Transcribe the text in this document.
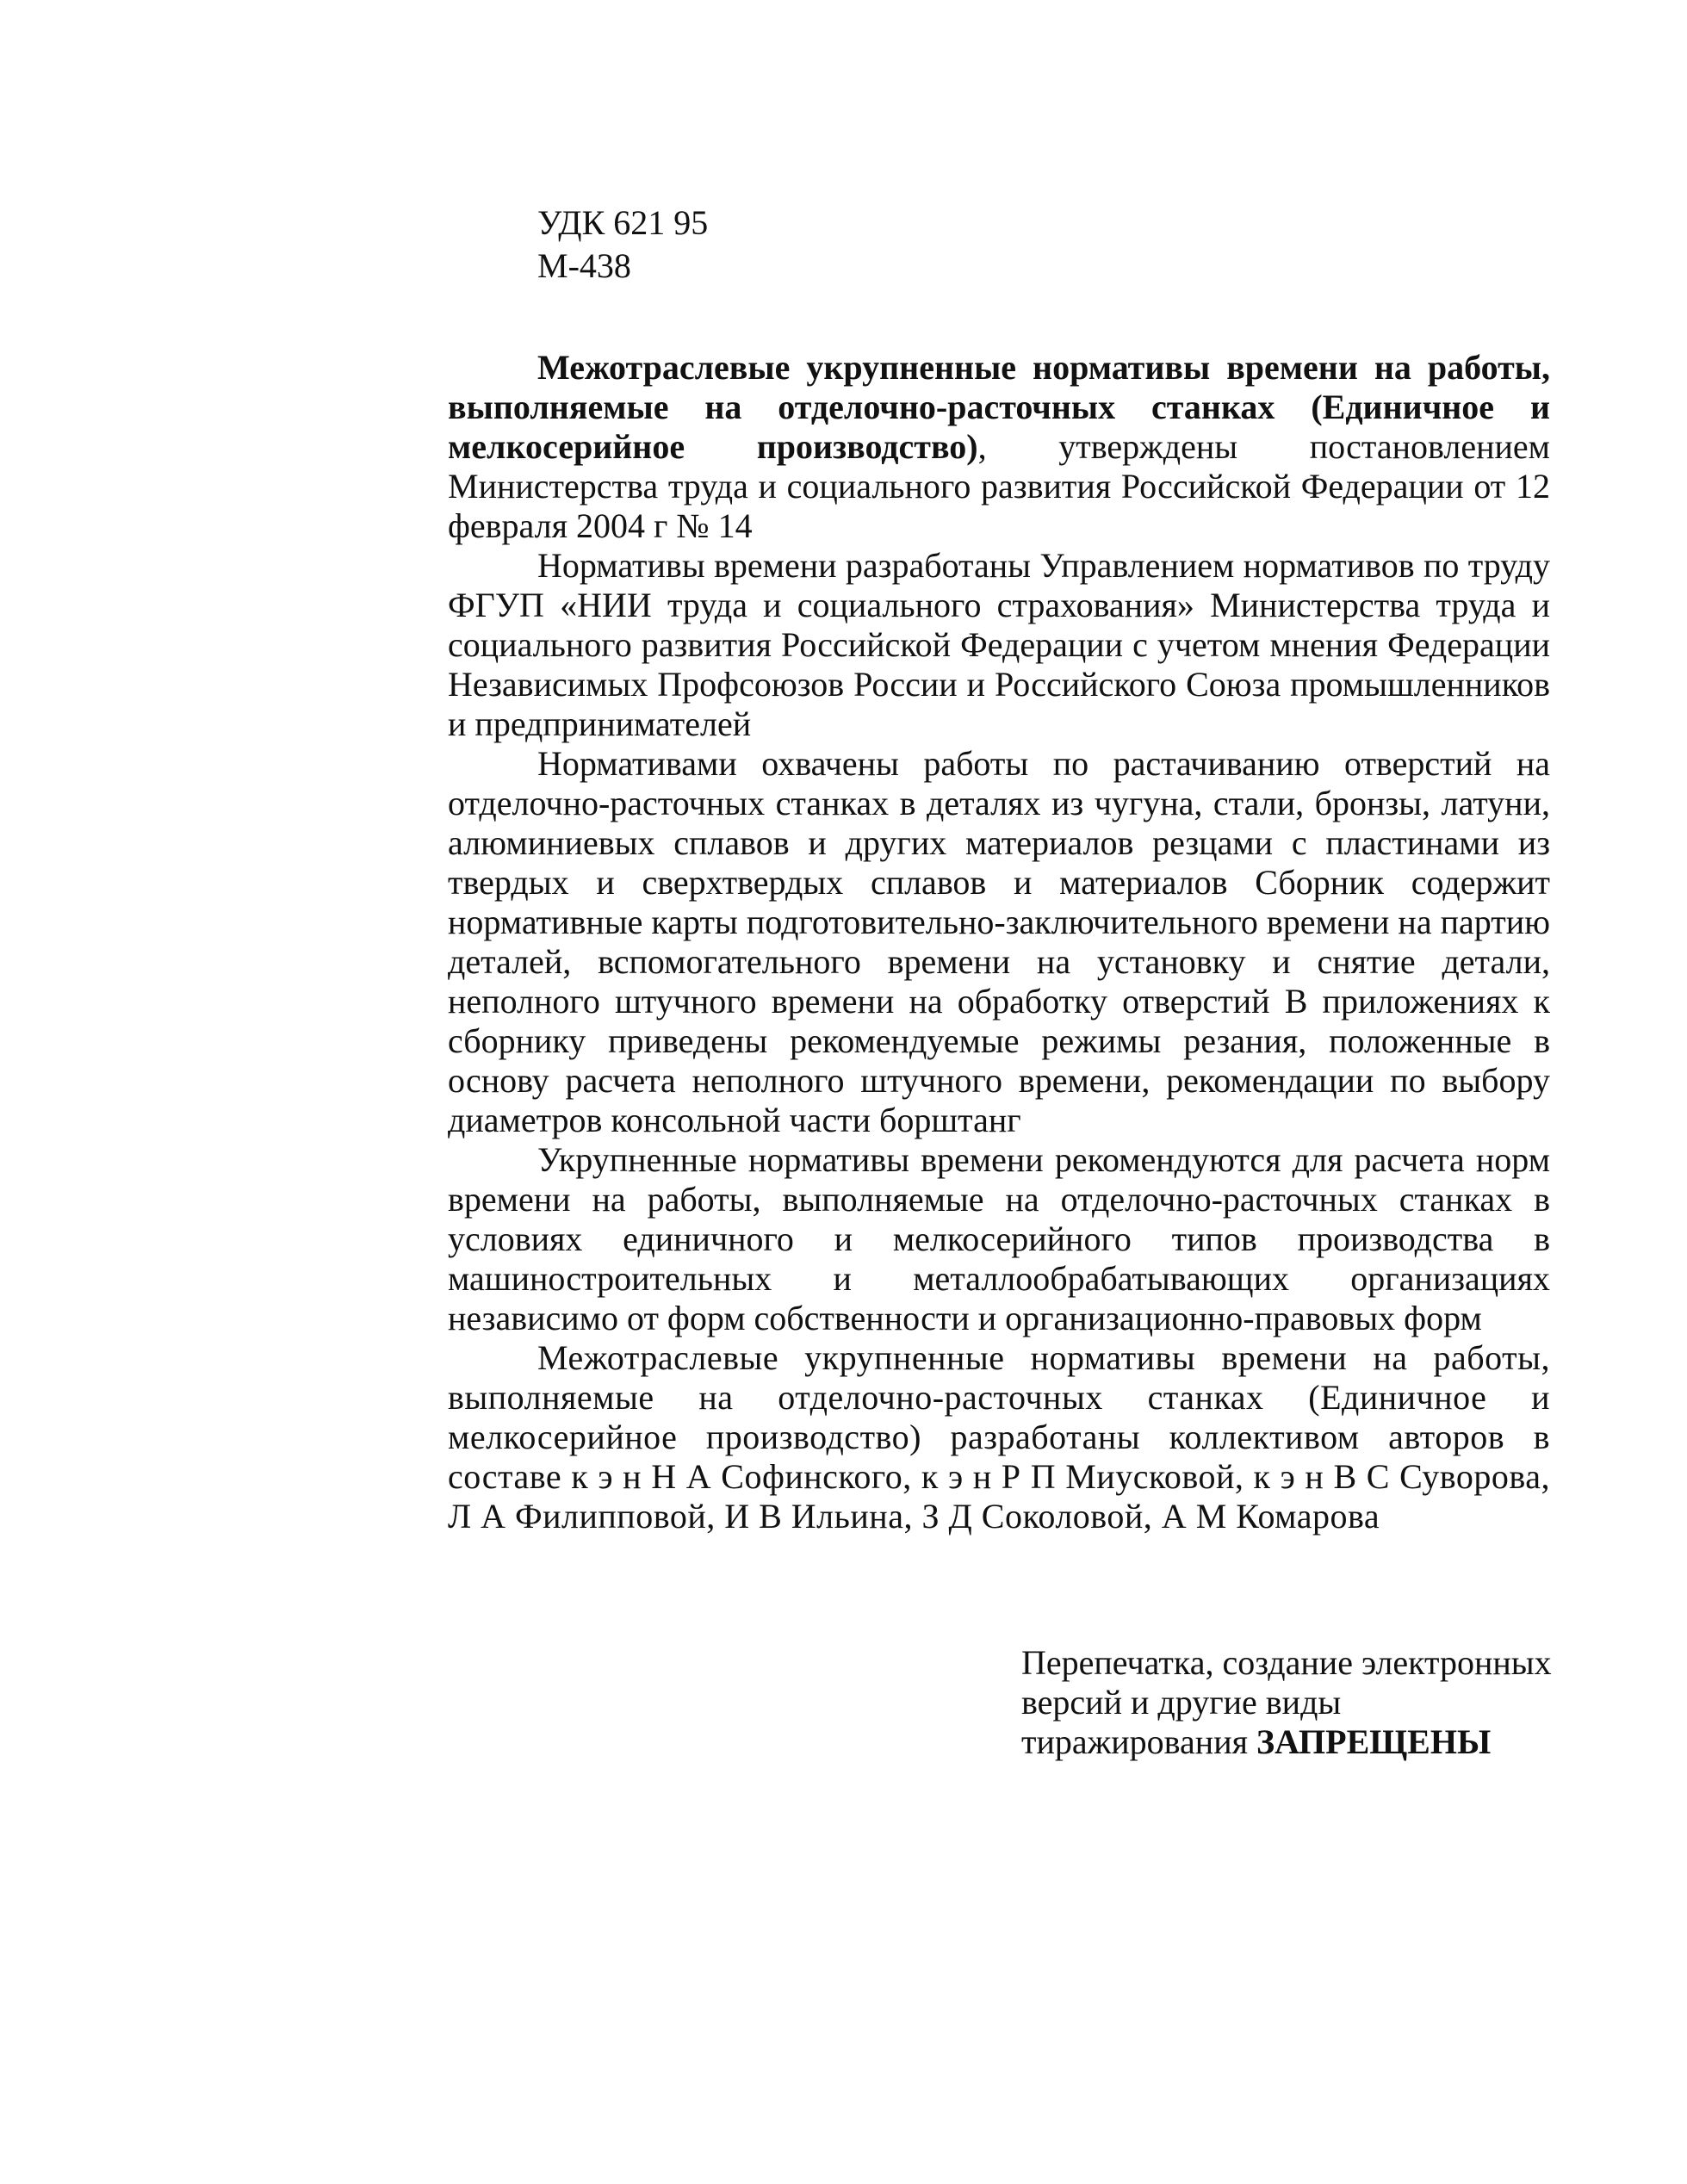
УДК 621 95
М-438

Межотраслевые укрупненные нормативы времени на работы, выполняемые на отделочно-расточных станках (Единичное и мелкосерийное производство), утверждены постановлением Министерства труда и социального развития Российской Федерации от 12 февраля 2004 г № 14

Нормативы времени разработаны Управлением нормативов по труду ФГУП «НИИ труда и социального страхования» Министерства труда и социального развития Российской Федерации с учетом мнения Федерации Независимых Профсоюзов России и Российского Союза промышленников и предпринимателей

Нормативами охвачены работы по растачиванию отверстий на отделочно-расточных станках в деталях из чугуна, стали, бронзы, латуни, алюминиевых сплавов и других материалов резцами с пластинами из твердых и сверхтвердых сплавов и материалов Сборник содержит нормативные карты подготовительно-заключительного времени на партию деталей, вспомогательного времени на установку и снятие детали, неполного штучного времени на обработку отверстий В приложениях к сборнику приведены рекомендуемые режимы резания, положенные в основу расчета неполного штучного времени, рекомендации по выбору диаметров консольной части борштанг

Укрупненные нормативы времени рекомендуются для расчета норм времени на работы, выполняемые на отделочно-расточных станках в условиях единичного и мелкосерийного типов производства в машиностроительных и металлообрабатывающих организациях независимо от форм собственности и организационно-правовых форм

Межотраслевые укрупненные нормативы времени на работы, выполняемые на отделочно-расточных станках (Единичное и мелкосерийное производство) разработаны коллективом авторов в составе к э н Н А Софинского, к э н Р П Миусковой, к э н В С Суворова, Л А Филипповой, И В Ильина, З Д Соколовой, А М Комарова

Перепечатка, создание электронных версий и другие виды тиражирования ЗАПРЕЩЕНЫ
